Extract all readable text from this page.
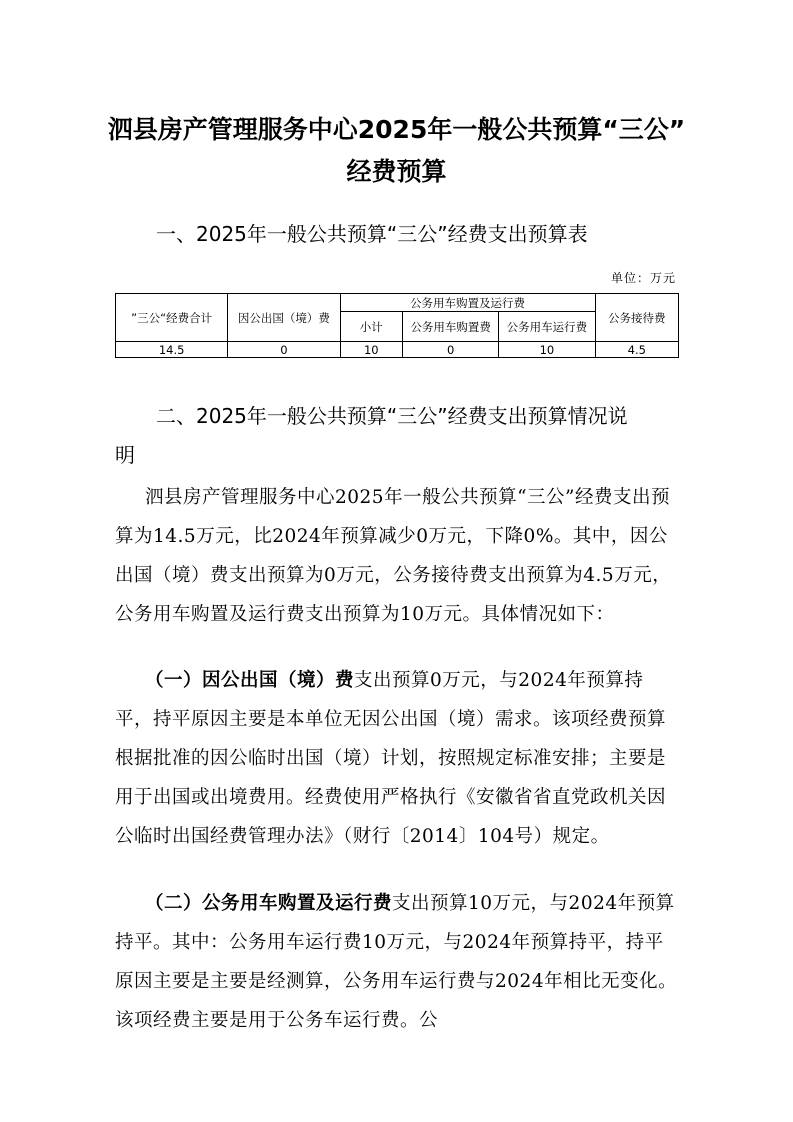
泗县房产管理服务中心2025年一般公共预算“三公”
经费预算
一、2025年一般公共预算“三公”经费支出预算表
单位：万元
”三公“经费合计	因公出国（境）费	公务用车购置及运行费			公务接待费
		小计	公务用车购置费	公务用车运行费	
14.5	0	10	0	10	4.5
二、2025年一般公共预算“三公”经费支出预算情况说
明
泗县房产管理服务中心2025年一般公共预算“三公”经费支出预算为14.5万元，比2024年预算减少0万元，下降0%。其中，因公出国（境）费支出预算为0万元，公务接待费支出预算为4.5万元，公务用车购置及运行费支出预算为10万元。具体情况如下：
（一）因公出国（境）费支出预算0万元，与2024年预算持平，持平原因主要是本单位无因公出国（境）需求。该项经费预算根据批准的因公临时出国（境）计划，按照规定标准安排；主要是用于出国或出境费用。经费使用严格执行《安徽省省直党政机关因公临时出国经费管理办法》（财行〔2014〕104号）规定。
（二）公务用车购置及运行费支出预算10万元，与2024年预算持平。其中：公务用车运行费10万元，与2024年预算持平，持平原因主要是主要是经测算，公务用车运行费与2024年相比无变化。该项经费主要是用于公务车运行费。公
